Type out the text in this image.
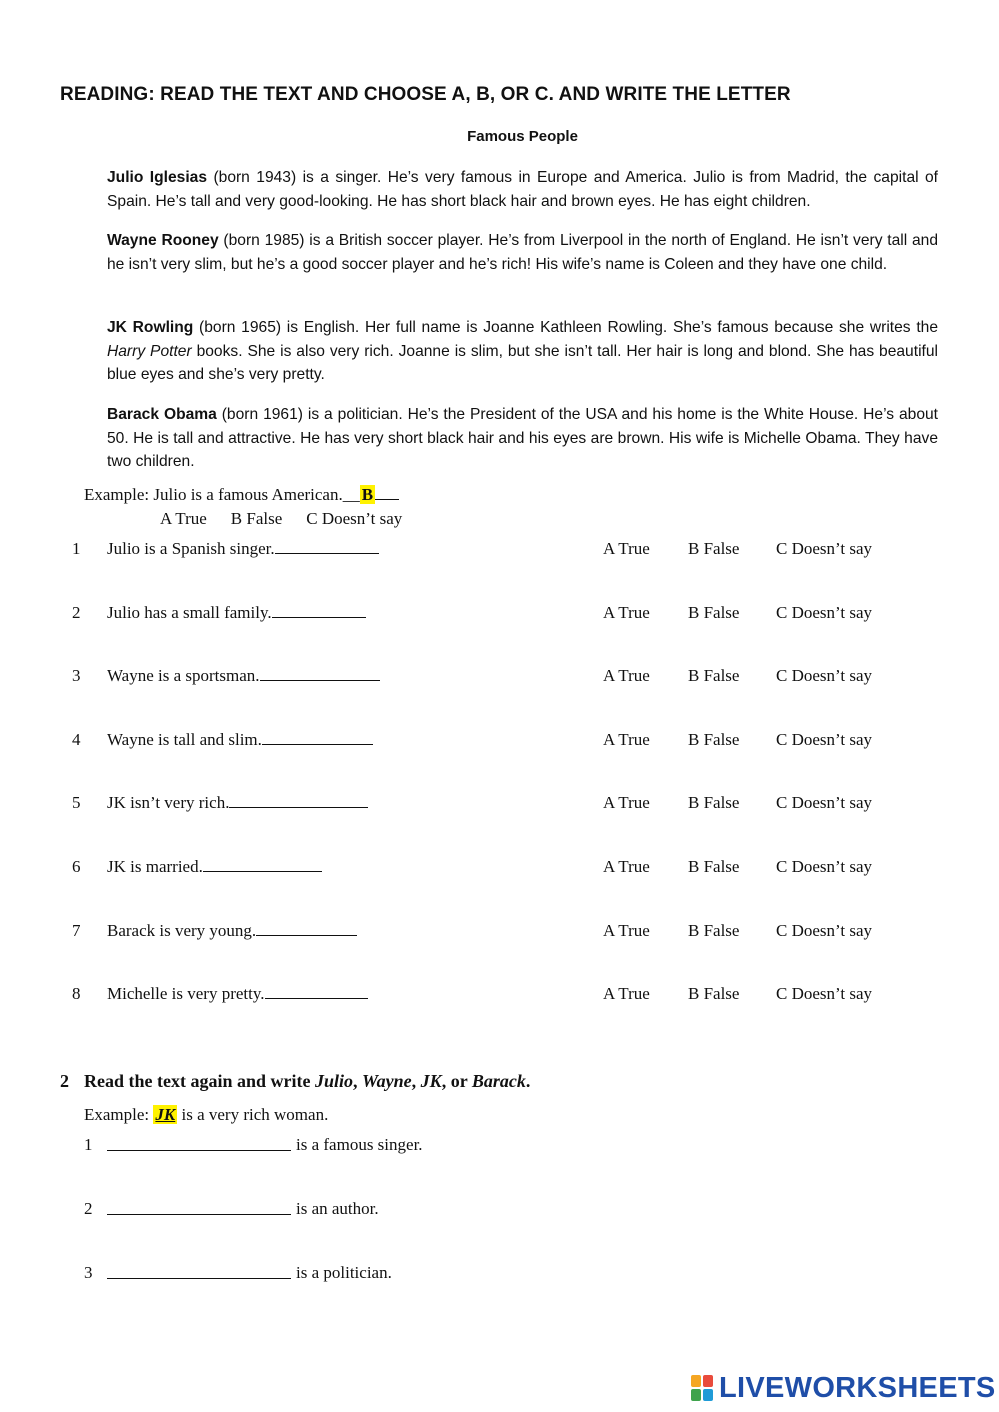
READING: READ THE TEXT AND CHOOSE A, B, OR C. AND WRITE THE LETTER
Famous People
Julio Iglesias (born 1943) is a singer. He’s very famous in Europe and America. Julio is from Madrid, the capital of Spain. He’s tall and very good-looking. He has short black hair and brown eyes. He has eight children.
Wayne Rooney (born 1985) is a British soccer player. He’s from Liverpool in the north of England. He isn’t very tall and he isn’t very slim, but he’s a good soccer player and he’s rich! His wife’s name is Coleen and they have one child.
JK Rowling (born 1965) is English. Her full name is Joanne Kathleen Rowling. She’s famous because she writes the Harry Potter books. She is also very rich. Joanne is slim, but she isn’t tall. Her hair is long and blond. She has beautiful blue eyes and she’s very pretty.
Barack Obama (born 1961) is a politician. He’s the President of the USA and his home is the White House. He’s about 50. He is tall and attractive. He has very short black hair and his eyes are brown. His wife is Michelle Obama. They have two children.
Example: Julio is a famous American.__ B
A True B False C Doesn’t say
1 Julio is a Spanish singer.	A True B False C Doesn’t say
2 Julio has a small family.	A True B False C Doesn’t say
3 Wayne is a sportsman.	A True B False C Doesn’t say
4 Wayne is tall and slim.	A True B False C Doesn’t say
5 JK isn’t very rich.	A True B False C Doesn’t say
6 JK is married.	A True B False C Doesn’t say
7 Barack is very young.	A True B False C Doesn’t say
8 Michelle is very pretty.	A True B False C Doesn’t say
2 Read the text again and write Julio, Wayne, JK, or Barack.
Example: JK is a very rich woman.
1	is a famous singer.
2	is an author.
3	is a politician.
LIVEWORKSHEETS
